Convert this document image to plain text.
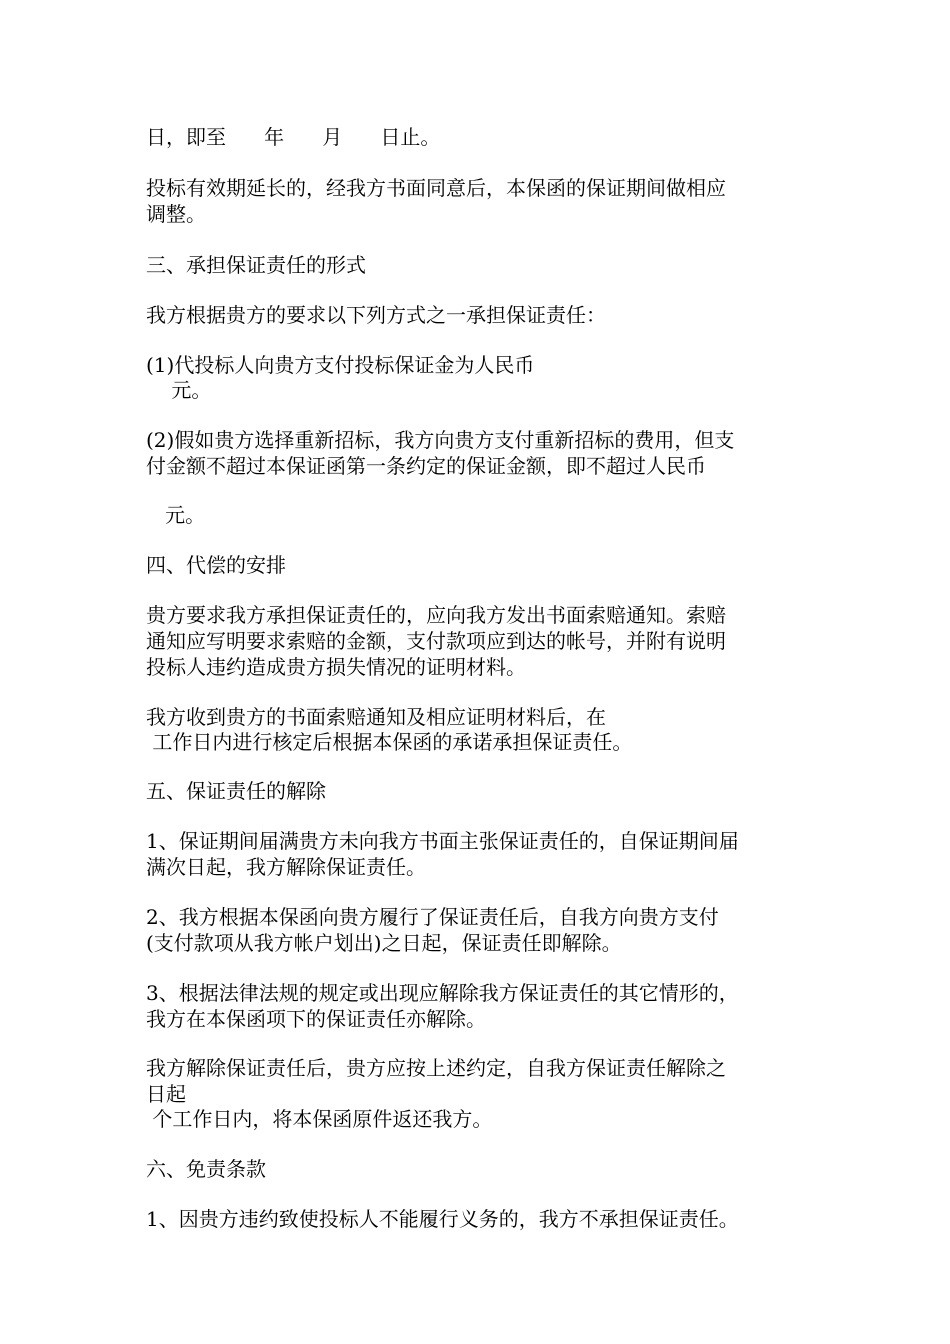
日，即至      年      月      日止。
投标有效期延长的，经我方书面同意后，本保函的保证期间做相应
调整。
三、承担保证责任的形式
我方根据贵方的要求以下列方式之一承担保证责任：
(1)代投标人向贵方支付投标保证金为人民币
元。
(2)假如贵方选择重新招标，我方向贵方支付重新招标的费用，但支
付金额不超过本保证函第一条约定的保证金额，即不超过人民币
元。
四、代偿的安排
贵方要求我方承担保证责任的，应向我方发出书面索赔通知。索赔
通知应写明要求索赔的金额，支付款项应到达的帐号，并附有说明
投标人违约造成贵方损失情况的证明材料。
我方收到贵方的书面索赔通知及相应证明材料后，在
工作日内进行核定后根据本保函的承诺承担保证责任。
五、保证责任的解除
1、保证期间届满贵方未向我方书面主张保证责任的，自保证期间届
满次日起，我方解除保证责任。
2、我方根据本保函向贵方履行了保证责任后，自我方向贵方支付
(支付款项从我方帐户划出)之日起，保证责任即解除。
3、根据法律法规的规定或出现应解除我方保证责任的其它情形的，
我方在本保函项下的保证责任亦解除。
我方解除保证责任后，贵方应按上述约定，自我方保证责任解除之
日起
个工作日内，将本保函原件返还我方。
六、免责条款
1、因贵方违约致使投标人不能履行义务的，我方不承担保证责任。
